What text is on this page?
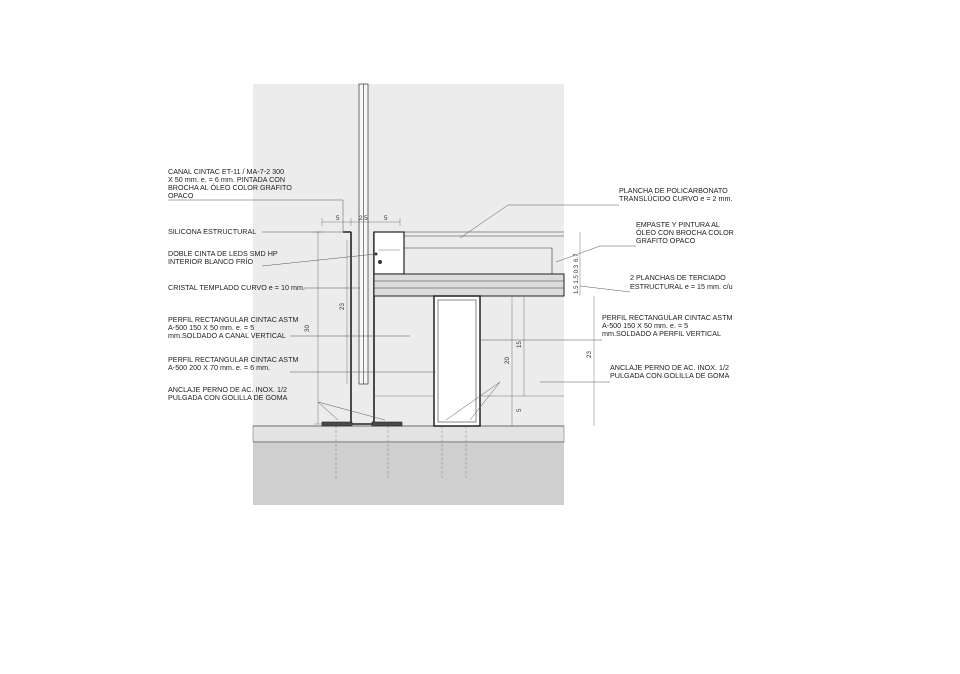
5	2.5	5
30
23
20
15
5
6.7
1.5 1.5 0.3
23
CANAL CINTAC ET-11 / MA-7-2 300
X 50 mm. e. = 6 mm. PINTADA CON
BROCHA AL ÓLEO COLOR GRAFITO
OPACO
SILICONA ESTRUCTURAL
DOBLE CINTA DE LEDS SMD HP
INTERIOR BLANCO FRÍO
CRISTAL TEMPLADO CURVO e = 10 mm.
PERFIL RECTANGULAR CINTAC ASTM
A-500 150 X 50 mm. e. = 5
mm.SOLDADO A CANAL VERTICAL
PERFIL RECTANGULAR CINTAC ASTM
A-500 200 X 70 mm. e. = 6 mm.
ANCLAJE PERNO DE AC. INOX. 1/2
PULGADA CON GOLILLA DE GOMA
PLANCHA DE POLICARBONATO
TRANSLÚCIDO CURVO e = 2 mm.
EMPASTE Y PINTURA AL
ÓLEO CON BROCHA COLOR
GRAFITO OPACO
2 PLANCHAS DE TERCIADO
ESTRUCTURAL e = 15 mm. c/u
PERFIL RECTANGULAR CINTAC ASTM
A-500 150 X 50 mm. e. = 5
mm.SOLDADO A PERFIL VERTICAL
ANCLAJE PERNO DE AC. INOX. 1/2
PULGADA CON GOLILLA DE GOMA
